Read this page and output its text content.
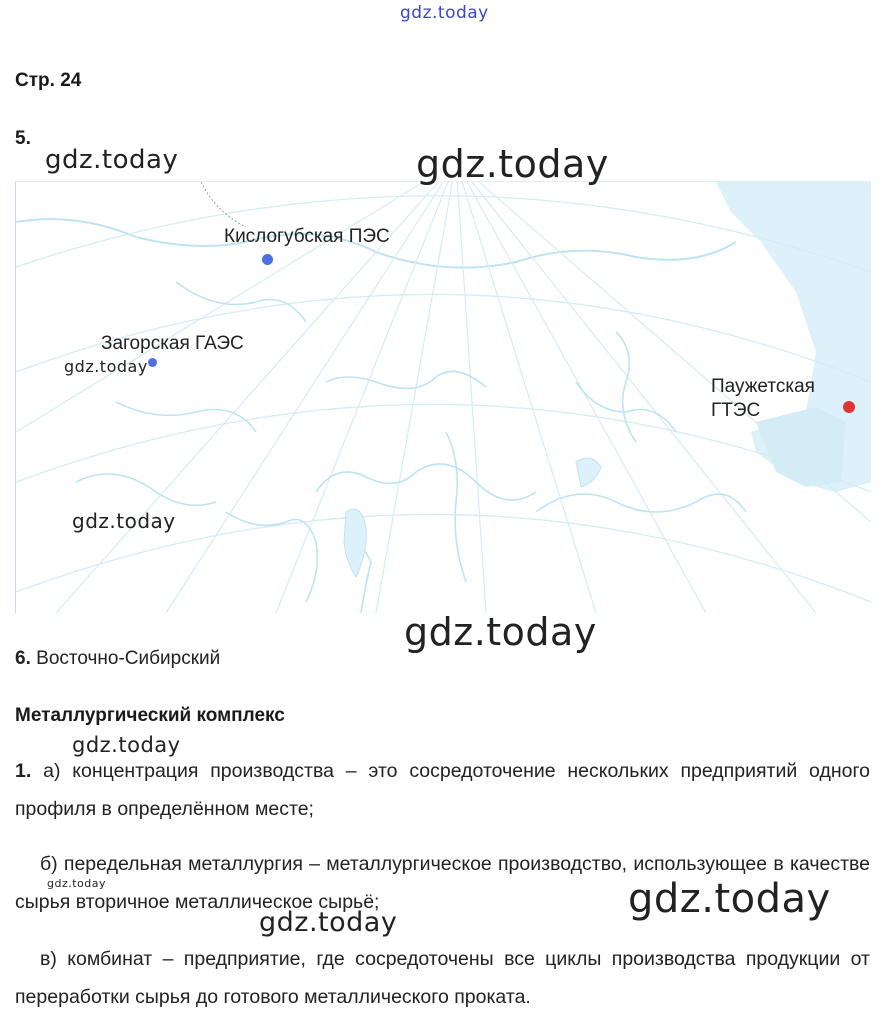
gdz.today
Стр. 24
5.
Кислогубская ПЭС
Загорская ГАЭС
Паужетская
ГТЭС
gdz.today	gdz.today
gdz.today
gdz.today
gdz.today
6. Восточно-Сибирский
Металлургический комплекс
gdz.today
1. а) концентрация производства – это сосредоточение нескольких предприятий одного профиля в определённом месте;
б) передельная металлургия – металлургическое производство, использующее в качестве сырья вторичное металлическое сырьё;
gdz.today	gdz.today
gdz.today
в) комбинат – предприятие, где сосредоточены все циклы производства продукции от переработки сырья до готового металлического проката.
